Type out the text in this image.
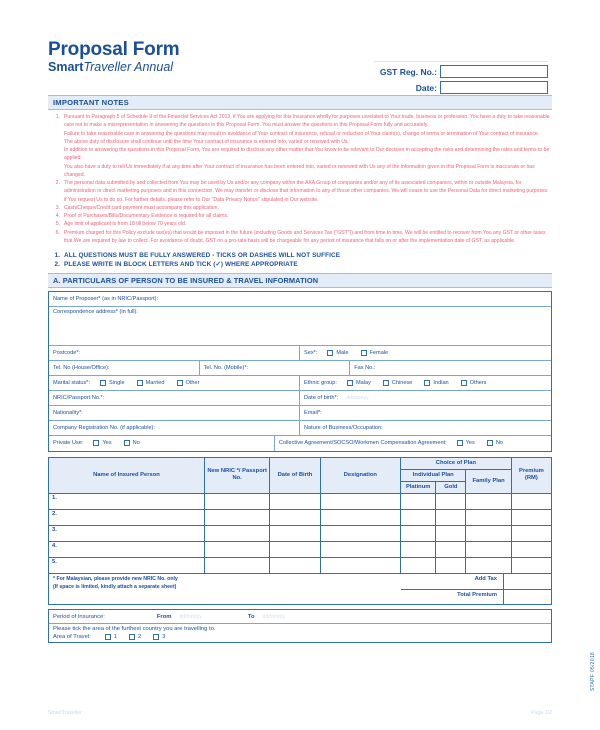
Proposal Form
SmartTraveller Annual	GST Reg. No.:
Date:
IMPORTANT NOTES
1. Pursuant to Paragraph 5 of Schedule 9 of the Financial Services Act 2013, if You are applying for this Insurance wholly for purposes unrelated to Your trade, business or profession, You have a duty to take reasonable care not to make a misrepresentation in answering the questions in this Proposal Form. You must answer the questions in this Proposal Form fully and accurately.

Failure to take reasonable care in answering the questions may result in avoidance of Your contract of insurance, refusal or reduction of Your claim(s), change of terms or termination of Your contract of insurance.

The above duty of disclosure shall continue until the time Your contract of insurance is entered into, varied or renewed with Us.

In addition to answering the questions in this Proposal Form, You are required to disclose any other matter that You know to be relevant to Our decision in accepting the risks and determining the rates and terms to be applied.

You also have a duty to tell Us immediately if at any time after Your contract of insurance has been entered into, varied or renewed with Us any of the information given in this Proposal Form is inaccurate or has changed.

2. The personal data submitted by and collected from You may be used by Us and/or any company within the AXA Group of companies and/or any of its associated companies, within or outside Malaysia, for administration or direct marketing purposes and in this connection, We may transfer or disclose that information to any of those other companies. We will cease to use the Personal Data for direct marketing purposes if You request Us to do so. For further details, please refer to Our "Data Privacy Notice" stipulated in Our website.

3. Cash/Cheque/Credit card payment must accompany this application.

4. Proof of Purchases/Bills/Documentary Evidence is required for all claims.

5. Age limit of applicant is from 18 till below 70 years old.

6. Premium charged for this Policy exclude tax(es) that would be imposed in the future (including Goods and Services Tax ("GST")) and from time to time, We will be entitled to recover from You any GST or other taxes that We are required by law to collect. For avoidance of doubt, GST on a pro-rata basis will be chargeable for any period of insurance that falls on or after the implementation date of GST, as applicable.

1. ALL QUESTIONS MUST BE FULLY ANSWERED - TICKS OR DASHES WILL NOT SUFFICE
2. PLEASE WRITE IN BLOCK LETTERS AND TICK (✓) WHERE APPROPRIATE
A. PARTICULARS OF PERSON TO BE INSURED & TRAVEL INFORMATION
Name of Proposer* (as in NRIC/Passport):
Correspondence address* (in full):
Postcode*:	Sex*:	Male	Female
Tel. No (House/Office):	Tel. No. (Mobile)*:	Fax No.:
Marital status*:	Single	Married	Other	Ethnic group:	Malay	Chinese	Indian	Others
NRIC/Passport No.*:	Date of birth*: dd/mm/yy
Nationality*:	Email*:
Company Registration No. (if applicable):	Nature of Business/Occupation:
Private Use:	Yes	No	Collective Agreement/SOCSO/Workmen Compensation Agreement:	Yes	No
Name of Insured Person	New NRIC */ Passport No.	Date of Birth	Designation	Choice of Plan			Premium (RM)
				Individual Plan		Family Plan	
				Platinum	Gold		
1.							
2.							
3.							
4.							
5.							
* For Malaysian, please provide new NRIC No. only
(If space is limited, kindly attach a separate sheet)
Add Tax
Total Premium
Period of Insurance:	From dd/mm/yy	To dd/mm/yy
Please tick the area of the furthest country you are travelling to.
Area of Travel:	1	2	3
STAPF 05/2018
SmartTraveller	Page 1/2
